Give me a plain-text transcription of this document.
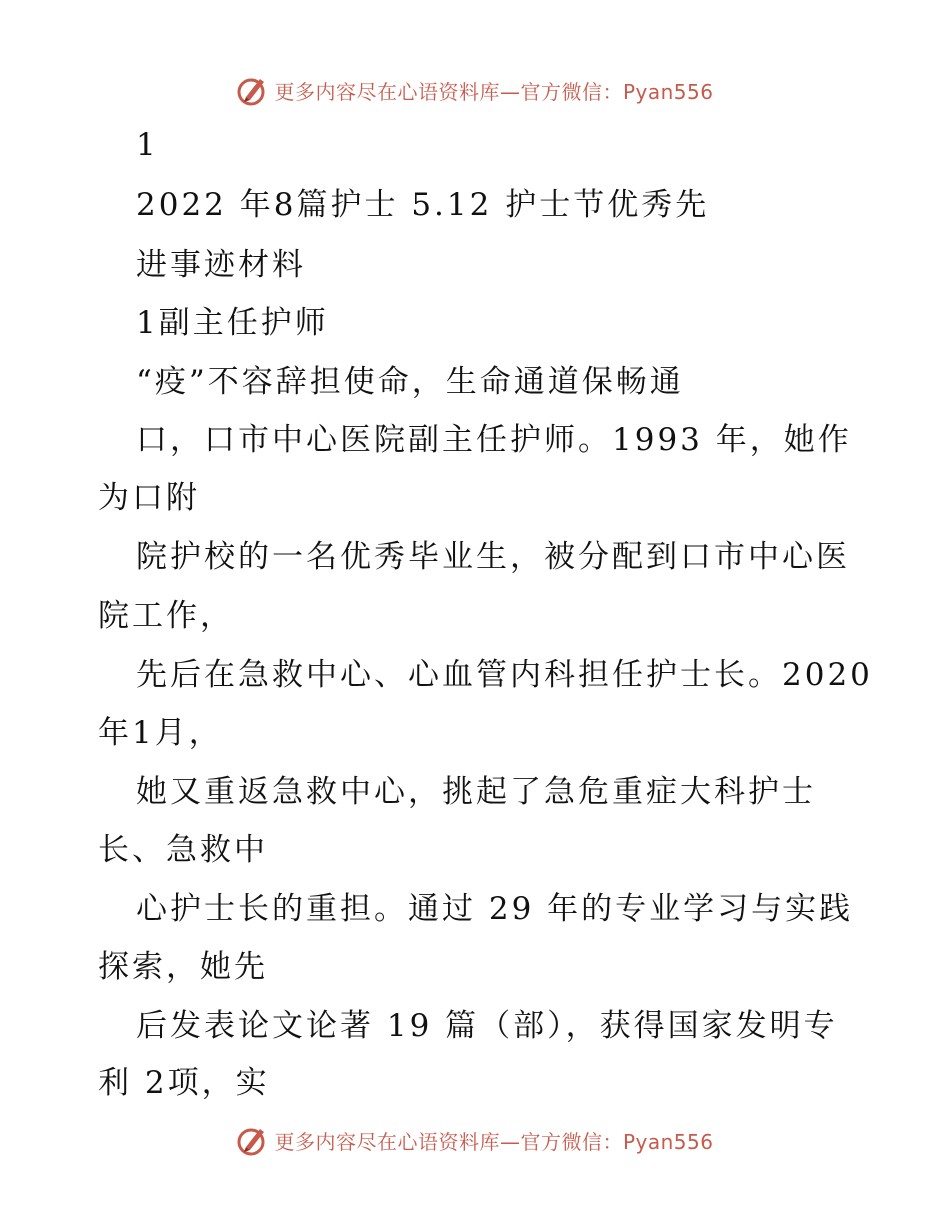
更多内容尽在心语资料库—官方微信：Pyan556
1
2022 年8篇护士 5.12 护士节优秀先
进事迹材料
1副主任护师
“疫”不容辞担使命，生命通道保畅通
口，口市中心医院副主任护师。1993 年，她作
为口附
院护校的一名优秀毕业生，被分配到口市中心医
院工作，
先后在急救中心、心血管内科担任护士长。2020
年1月，
她又重返急救中心，挑起了急危重症大科护士
长、急救中
心护士长的重担。通过 29 年的专业学习与实践
探索，她先
后发表论文论著 19 篇（部），获得国家发明专
利 2项，实
更多内容尽在心语资料库—官方微信：Pyan556
